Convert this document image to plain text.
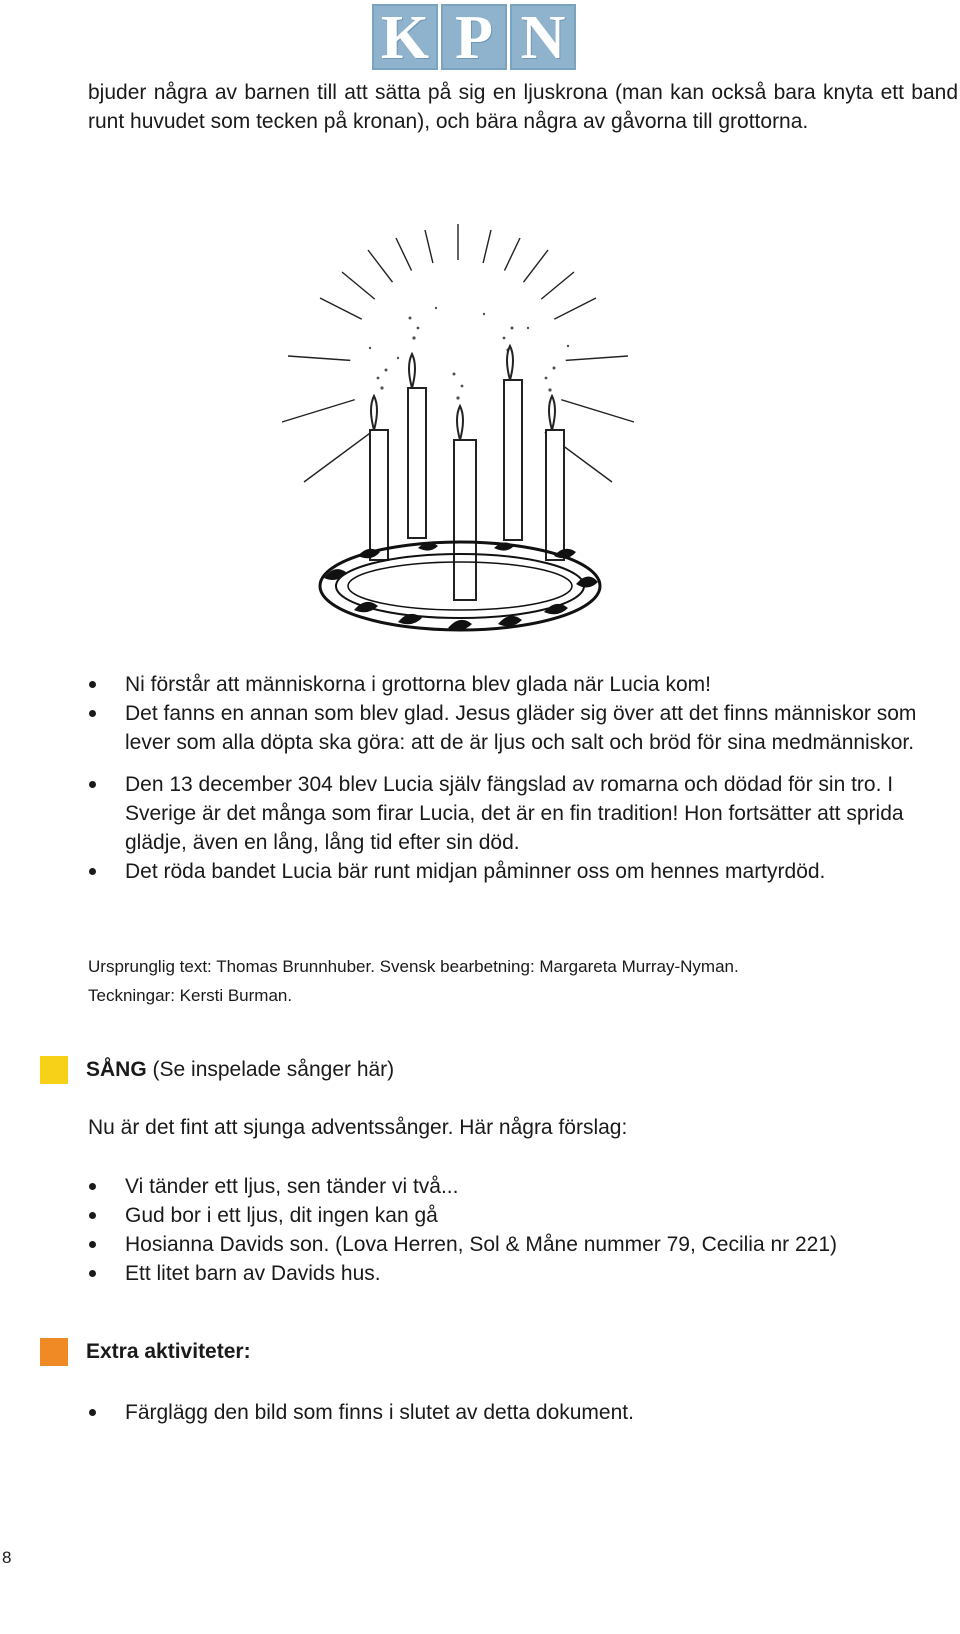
K P N

bjuder några av barnen till att sätta på sig en ljuskrona (man kan också bara knyta ett band runt huvudet som tecken på kronan), och bära några av gåvorna till grottorna.

Ni förstår att människorna i grottorna blev glada när Lucia kom!
Det fanns en annan som blev glad. Jesus gläder sig över att det finns människor som lever som alla döpta ska göra: att de är ljus och salt och bröd för sina medmänniskor.
Den 13 december 304 blev Lucia själv fängslad av romarna och dödad för sin tro. I Sverige är det många som firar Lucia, det är en fin tradition! Hon fortsätter att sprida glädje, även en lång, lång tid efter sin död.
Det röda bandet Lucia bär runt midjan påminner oss om hennes martyrdöd.
Ursprunglig text: Thomas Brunnhuber. Svensk bearbetning: Margareta Murray-Nyman.
Teckningar: Kersti Burman.
SÅNG (Se inspelade sånger här)

Nu är det fint att sjunga adventssånger. Här några förslag:

Vi tänder ett ljus, sen tänder vi två...
Gud bor i ett ljus, dit ingen kan gå
Hosianna Davids son. (Lova Herren, Sol & Måne nummer 79, Cecilia nr 221)
Ett litet barn av Davids hus.
Extra aktiviteter:
Färglägg den bild som finns i slutet av detta dokument.
8
